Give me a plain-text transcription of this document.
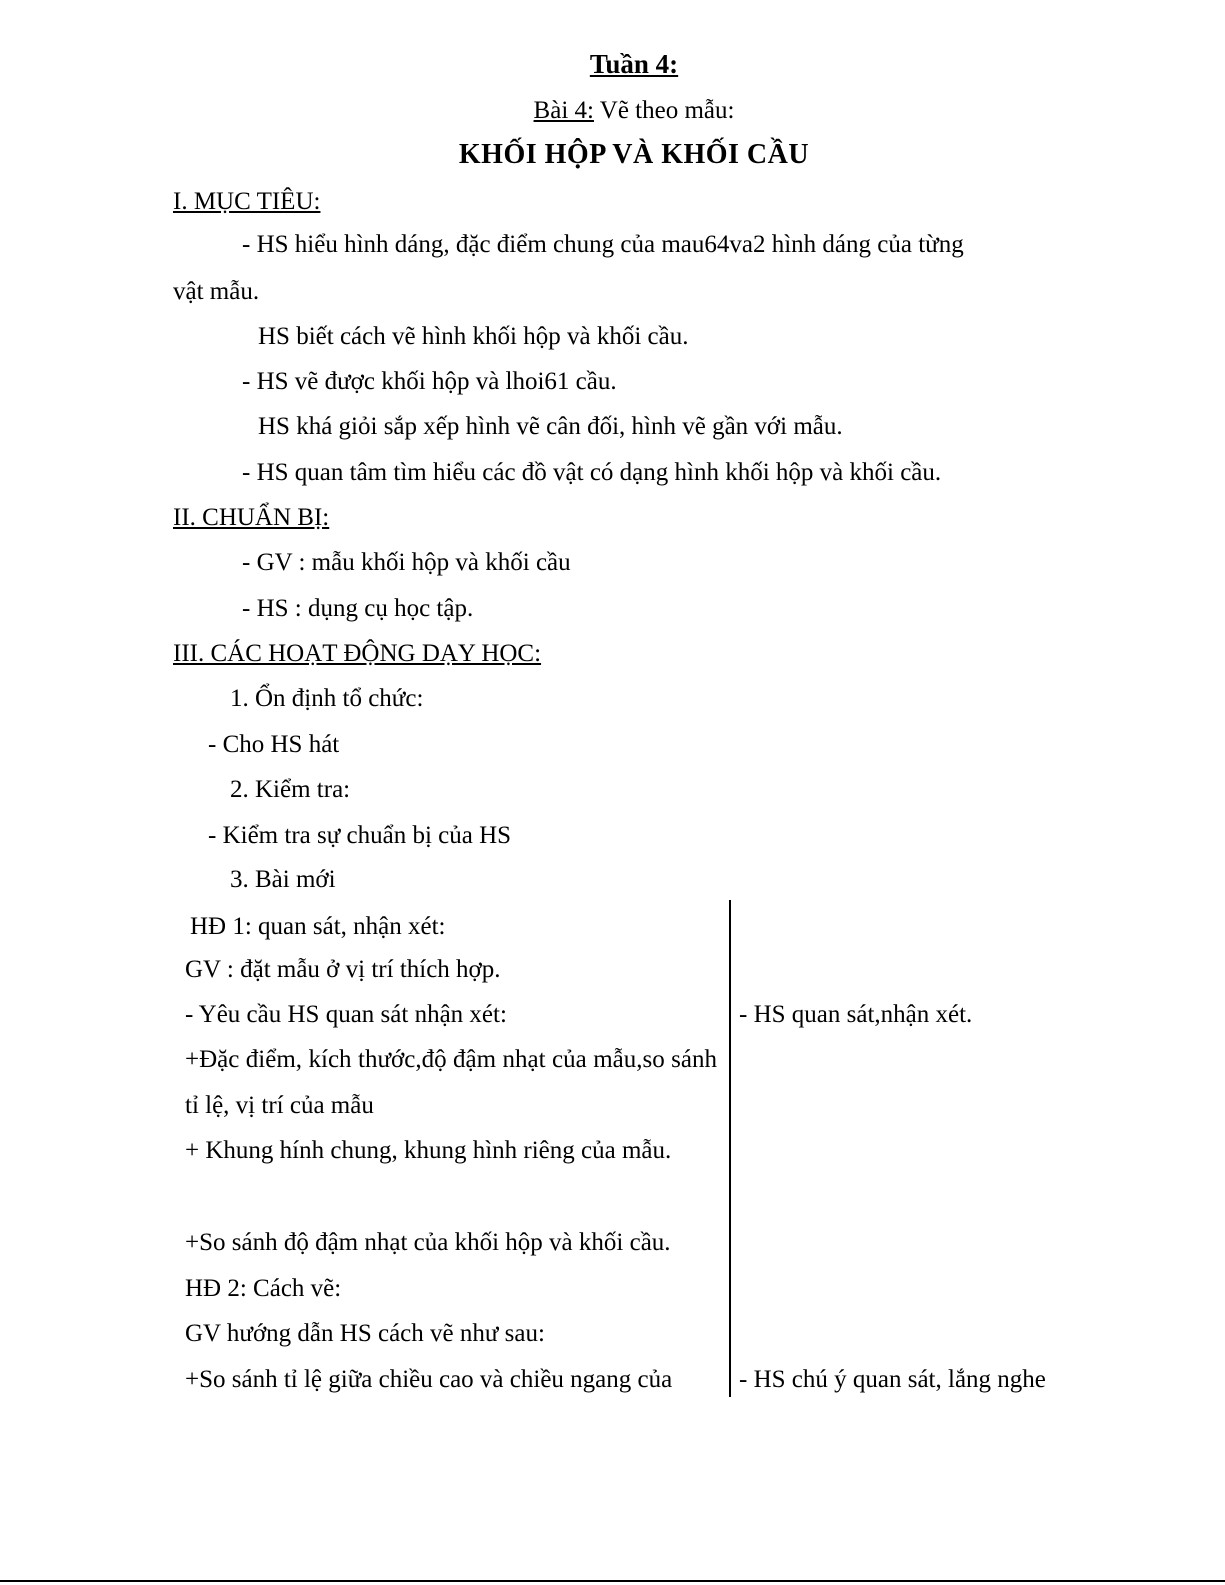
Tuần 4:
Bài 4: Vẽ theo mẫu:
KHỐI HỘP VÀ KHỐI CẦU
I. MỤC TIÊU:
- HS hiểu hình dáng, đặc điểm chung của mau64va2 hình dáng của từng
vật mẫu.
HS biết cách vẽ hình khối hộp và khối cầu.
- HS vẽ được khối hộp và lhoi61 cầu.
HS khá giỏi sắp xếp hình vẽ cân đối, hình vẽ gần với mẫu.
- HS quan tâm tìm hiểu các đồ vật có dạng hình khối hộp và khối cầu.
II. CHUẨN BỊ:
- GV : mẫu khối hộp và khối cầu
- HS : dụng cụ học tập.
III. CÁC HOẠT ĐỘNG DẠY HỌC:
1. Ổn định tổ chức:
- Cho HS hát
2. Kiểm tra:
- Kiểm tra sự chuẩn bị của HS
3. Bài mới
HĐ 1: quan sát, nhận xét:
GV : đặt mẫu ở vị trí thích hợp.
- Yêu cầu HS quan sát nhận xét:
+Đặc điểm, kích thước,độ đậm nhạt của mẫu,so sánh tỉ lệ, vị trí của mẫu
+ Khung hính chung, khung hình riêng của mẫu.
+So sánh độ đậm nhạt của khối hộp và khối cầu.
HĐ 2: Cách vẽ:
GV hướng dẫn HS cách vẽ như sau:
+So sánh tỉ lệ giữa chiều cao và chiều ngang của
- HS quan sát,nhận xét.
- HS chú ý quan sát, lắng nghe
